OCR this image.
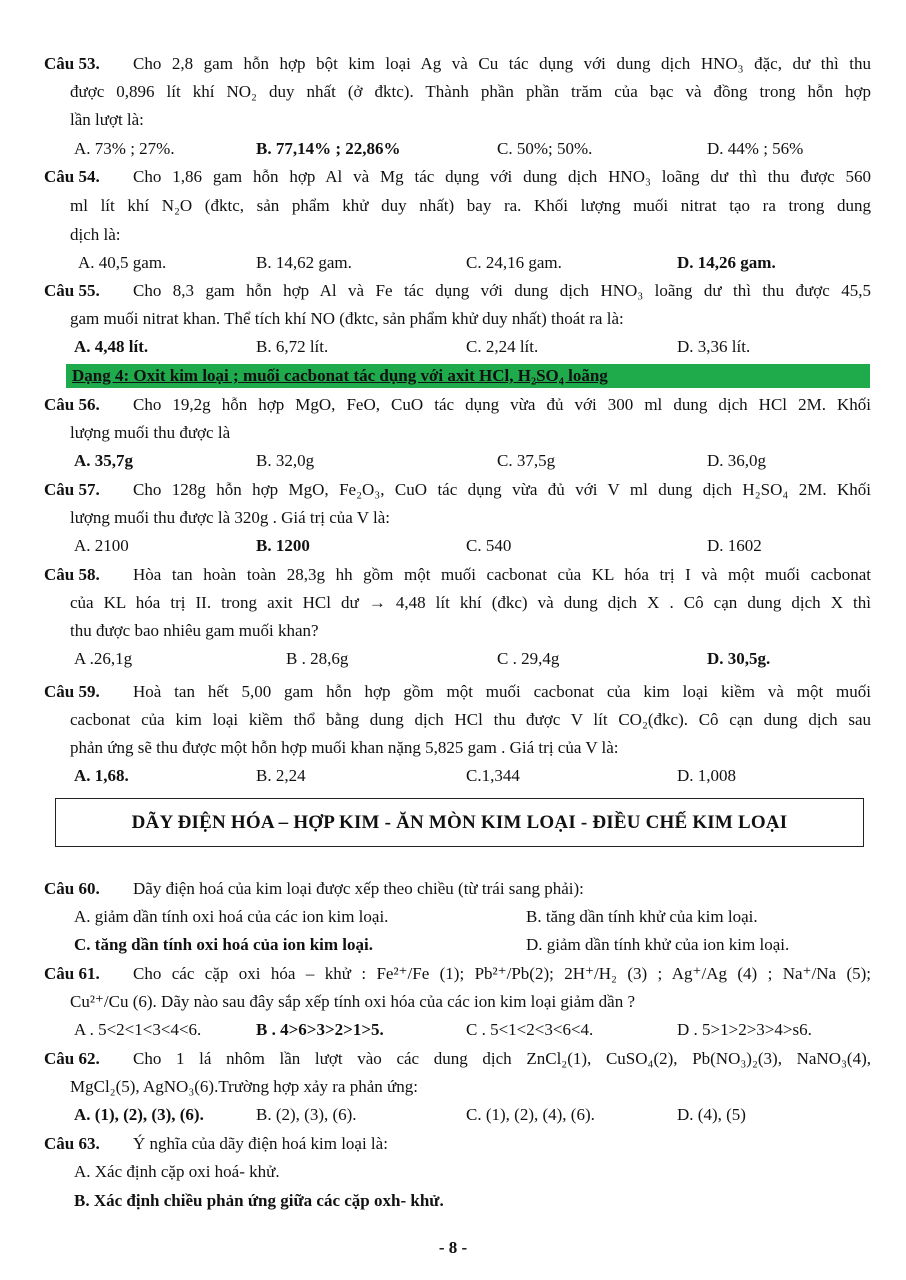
Câu 53. Cho 2,8 gam hỗn hợp bột kim loại Ag và Cu tác dụng với dung dịch HNO₃ đặc, dư thì thu
được 0,896 lít khí NO₂ duy nhất (ở đktc). Thành phần phần trăm của bạc và đồng trong hỗn hợp
lần lượt là:
A. 73% ; 27%.	B. 77,14% ; 22,86%	C. 50%; 50%.	D. 44% ; 56%
Câu 54. Cho 1,86 gam hỗn hợp Al và Mg tác dụng với dung dịch HNO₃ loãng dư thì thu được 560
ml lít khí N₂O (đktc, sản phẩm khử duy nhất) bay ra. Khối lượng muối nitrat tạo ra trong dung
dịch là:
A. 40,5 gam.	B. 14,62 gam.	C. 24,16 gam.	D. 14,26 gam.
Câu 55. Cho 8,3 gam hỗn hợp Al và Fe tác dụng với dung dịch HNO₃ loãng dư thì thu được 45,5
gam muối nitrat khan. Thể tích khí NO (đktc, sản phẩm khử duy nhất) thoát ra là:
A. 4,48 lít.	B. 6,72 lít.	C. 2,24 lít.	D. 3,36 lít.
Dạng 4: Oxit kim loại ; muối cacbonat tác dụng với axit HCl, H₂SO₄ loãng
Câu 56. Cho 19,2g hỗn hợp MgO, FeO, CuO tác dụng vừa đủ với 300 ml dung dịch HCl 2M. Khối
lượng muối thu được là
A. 35,7g	B. 32,0g	C. 37,5g	D. 36,0g
Câu 57. Cho 128g hỗn hợp MgO, Fe₂O₃, CuO tác dụng vừa đủ với V ml dung dịch H₂SO₄ 2M. Khối
lượng muối thu được là 320g . Giá trị của V là:
A. 2100	B. 1200	C. 540	D. 1602
Câu 58. Hòa tan hoàn toàn 28,3g hh gồm một muối cacbonat của KL hóa trị I và một muối cacbonat
của KL hóa trị II. trong axit HCl dư → 4,48 lít khí (đkc) và dung dịch X . Cô cạn dung dịch X thì
thu được bao nhiêu gam muối khan?
A .26,1g	B . 28,6g	C . 29,4g	D. 30,5g.
Câu 59. Hoà tan hết 5,00 gam hỗn hợp gồm một muối cacbonat của kim loại kiềm và một muối
cacbonat của kim loại kiềm thổ bằng dung dịch HCl thu được V lít CO₂(đkc). Cô cạn dung dịch sau
phản ứng sẽ thu được một hỗn hợp muối khan nặng 5,825 gam . Giá trị của V là:
A. 1,68.	B. 2,24	C.1,344	D. 1,008
DÃY ĐIỆN HÓA – HỢP KIM - ĂN MÒN KIM LOẠI - ĐIỀU CHẾ KIM LOẠI
Câu 60. Dãy điện hoá của kim loại được xếp theo chiều (từ trái sang phải):
A. giảm dần tính oxi hoá của các ion kim loại.	B. tăng dần tính khử của kim loại.
C. tăng dần tính oxi hoá của ion kim loại.	D. giảm dần tính khử của ion kim loại.
Câu 61. Cho các cặp oxi hóa – khử : Fe²⁺/Fe (1); Pb²⁺/Pb(2); 2H⁺/H₂ (3) ; Ag⁺/Ag (4) ; Na⁺/Na (5);
Cu²⁺/Cu (6). Dãy nào sau đây sắp xếp tính oxi hóa của các ion kim loại giảm dần ?
A . 5<2<1<3<4<6.	B . 4>6>3>2>1>5.	C . 5<1<2<3<6<4.	D . 5>1>2>3>4>s6.
Câu 62. Cho 1 lá nhôm lần lượt vào các dung dịch ZnCl₂(1), CuSO₄(2), Pb(NO₃)₂(3), NaNO₃(4),
MgCl₂(5), AgNO₃(6).Trường hợp xảy ra phản ứng:
A. (1), (2), (3), (6).	B. (2), (3), (6).	C. (1), (2), (4), (6).	D. (4), (5)
Câu 63. Ý nghĩa của dãy điện hoá kim loại là:
A. Xác định cặp oxi hoá- khử.
B. Xác định chiều phản ứng giữa các cặp oxh- khử.
- 8 -
